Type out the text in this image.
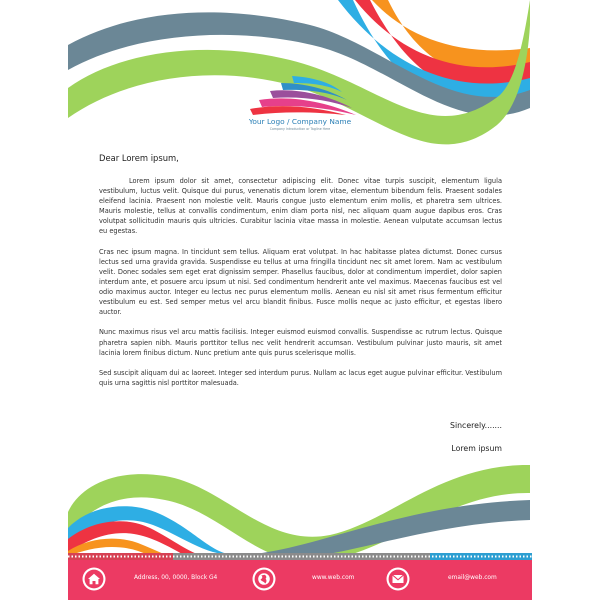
Your Logo / Company Name
Company Introduction or Tagline Here

Dear Lorem ipsum,

Lorem ipsum dolor sit amet, consectetur adipiscing elit. Donec vitae turpis suscipit, elementum ligula vestibulum, luctus velit. Quisque dui purus, venenatis dictum lorem vitae, elementum bibendum felis. Praesent sodales eleifend lacinia. Praesent non molestie velit. Mauris congue justo elementum enim mollis, et pharetra sem ultrices. Mauris molestie, tellus at convallis condimentum, enim diam porta nisl, nec aliquam quam augue dapibus eros. Cras volutpat sollicitudin mauris quis ultricies. Curabitur lacinia vitae massa in molestie. Aenean vulputate accumsan lectus eu egestas.

Cras nec ipsum magna. In tincidunt sem tellus. Aliquam erat volutpat. In hac habitasse platea dictumst. Donec cursus lectus sed urna gravida gravida. Suspendisse eu tellus at urna fringilla tincidunt nec sit amet lorem. Nam ac vestibulum velit. Donec sodales sem eget erat dignissim semper. Phasellus faucibus, dolor at condimentum imperdiet, dolor sapien interdum ante, et posuere arcu ipsum ut nisi. Sed condimentum hendrerit ante vel maximus. Maecenas faucibus est vel odio maximus auctor. Integer eu lectus nec purus elementum mollis. Aenean eu nisl sit amet risus fermentum efficitur vestibulum eu est. Sed semper metus vel arcu blandit finibus. Fusce mollis neque ac justo efficitur, et egestas libero auctor.

Nunc maximus risus vel arcu mattis facilisis. Integer euismod euismod convallis. Suspendisse ac rutrum lectus. Quisque pharetra sapien nibh. Mauris porttitor tellus nec velit hendrerit accumsan. Vestibulum pulvinar justo mauris, sit amet lacinia lorem finibus dictum. Nunc pretium ante quis purus scelerisque mollis.

Sed suscipit aliquam dui ac laoreet. Integer sed interdum purus. Nullam ac lacus eget augue pulvinar efficitur. Vestibulum quis urna sagittis nisl porttitor malesuada.

Sincerely.......

Lorem ipsum

Address, 00, 0000, Block G4	www.web.com	email@web.com
